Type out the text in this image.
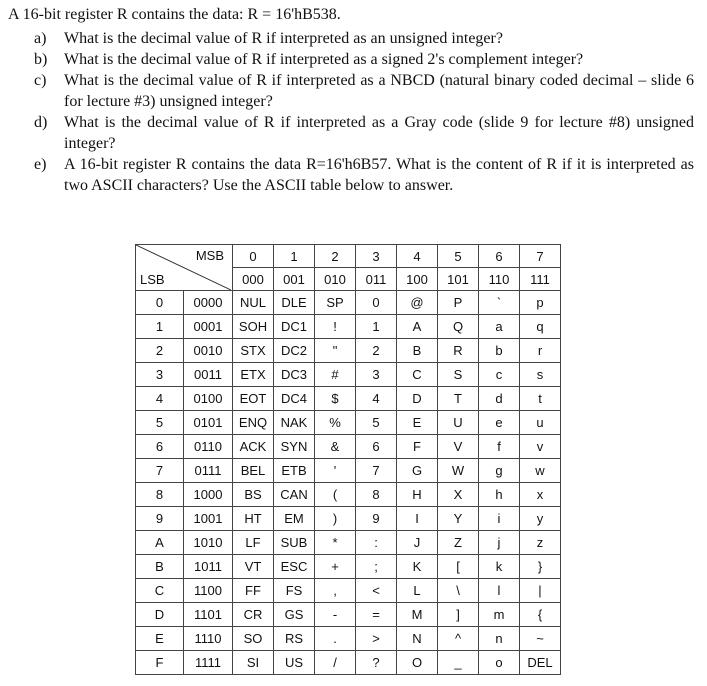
A 16-bit register R contains the data: R = 16'hB538.
a)	What is the decimal value of R if interpreted as an unsigned integer?
b)	What is the decimal value of R if interpreted as a signed 2's complement integer?
c)	What is the decimal value of R if interpreted as a NBCD (natural binary coded decimal – slide 6 for lecture #3) unsigned integer?
d)	What is the decimal value of R if interpreted as a Gray code (slide 9 for lecture #8) unsigned integer?
e)	A 16-bit register R contains the data R=16'h6B57. What is the content of R if it is interpreted as two ASCII characters? Use the ASCII table below to answer.
MSB
LSB		0	1	2	3	4	5	6	7
		000	001	010	011	100	101	110	111
0	0000	NUL	DLE	SP	0	@	P	`	p
1	0001	SOH	DC1	!	1	A	Q	a	q
2	0010	STX	DC2	"	2	B	R	b	r
3	0011	ETX	DC3	#	3	C	S	c	s
4	0100	EOT	DC4	$	4	D	T	d	t
5	0101	ENQ	NAK	%	5	E	U	e	u
6	0110	ACK	SYN	&	6	F	V	f	v
7	0111	BEL	ETB	'	7	G	W	g	w
8	1000	BS	CAN	(	8	H	X	h	x
9	1001	HT	EM	)	9	I	Y	i	y
A	1010	LF	SUB	*	:	J	Z	j	z
B	1011	VT	ESC	+	;	K	[	k	}
C	1100	FF	FS	,	<	L	\	l	|
D	1101	CR	GS	-	=	M	]	m	{
E	1110	SO	RS	.	>	N	^	n	~
F	1111	SI	US	/	?	O	_	o	DEL
